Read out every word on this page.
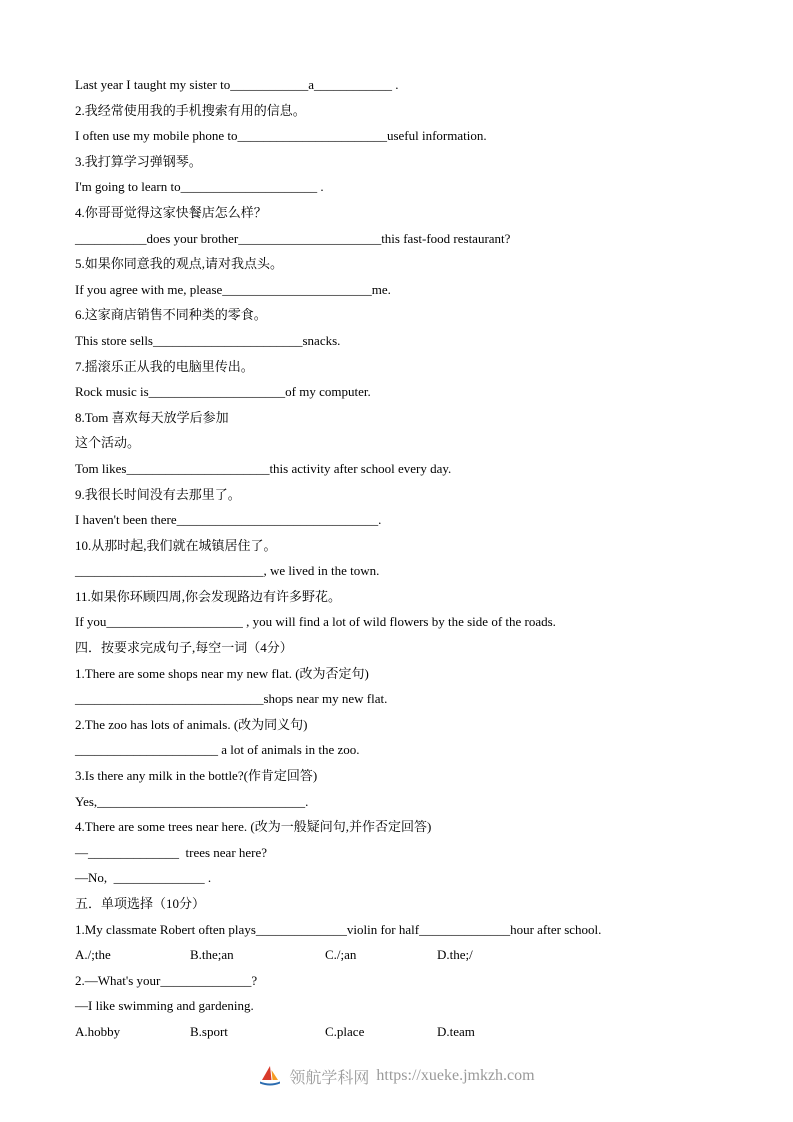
Last year I taught my sister to____________a____________ .
2.我经常使用我的手机搜索有用的信息。
I often use my mobile phone to_______________________useful information.
3.我打算学习弹钢琴。
I'm going to learn to_____________________ .
4.你哥哥觉得这家快餐店怎么样？
___________does your brother______________________this fast-food restaurant?
5.如果你同意我的观点,请对我点头。
If you agree with me, please_______________________me.
6.这家商店销售不同种类的零食。
This store sells_______________________snacks.
7.摇滚乐正从我的电脑里传出。
Rock music is_____________________of my computer.
8.Tom 喜欢每天放学后参加
这个活动。
Tom likes______________________this activity after school every day.
9.我很长时间没有去那里了。
I haven't been there_______________________________.
10.从那时起,我们就在城镇居住了。
_____________________________, we lived in the town.
11.如果你环顾四周,你会发现路边有许多野花。
If you_____________________ , you will find a lot of wild flowers by the side of the roads.
四．按要求完成句子,每空一词（4分）
1.There are some shops near my new flat. (改为否定句)
_____________________________shops near my new flat.
2.The zoo has lots of animals. (改为同义句)
______________________ a lot of animals in the zoo.
3.Is there any milk in the bottle?(作肯定回答)
Yes,________________________________.
4.There are some trees near here. (改为一般疑问句,并作否定回答)
—______________  trees near here?
—No,  ______________ .
五．单项选择（10分）
1.My classmate Robert often plays______________violin for half______________hour after school.
A./;the	B.the;an	C./;an	D.the;/
2.—What's your______________?
—I like swimming and gardening.
A.hobby	B.sport	C.place	D.team
领航学科网 https://xueke.jmkzh.com
